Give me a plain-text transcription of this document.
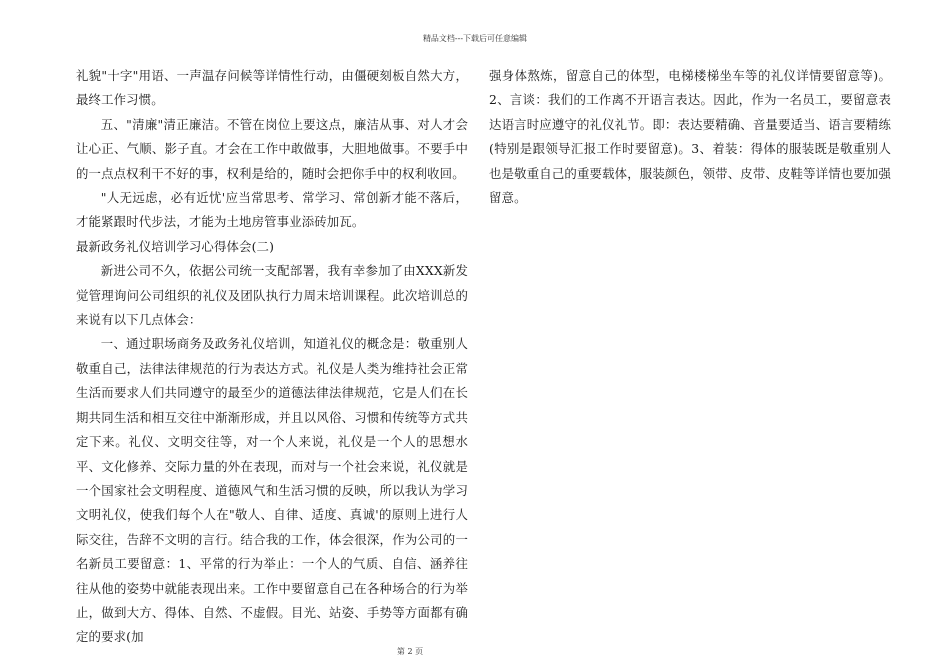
精品文档---下载后可任意编辑

礼貌"十字"用语、一声温存问候等详情性行动，由僵硬刻板自然大方，最终工作习惯。

五、"清廉"清正廉洁。不管在岗位上要这点，廉洁从事、对人才会让心正、气顺、影子直。才会在工作中敢做事，大胆地做事。不要手中的一点点权利干不好的事，权利是给的，随时会把你手中的权利收回。

"人无远虑，必有近忧'应当常思考、常学习、常创新才能不落后，才能紧跟时代步法，才能为土地房管事业添砖加瓦。

最新政务礼仪培训学习心得体会(二)

新进公司不久，依据公司统一支配部署，我有幸参加了由XXX新发觉管理询问公司组织的礼仪及团队执行力周末培训课程。此次培训总的来说有以下几点体会：

一、通过职场商务及政务礼仪培训，知道礼仪的概念是：敬重别人敬重自己，法律法律规范的行为表达方式。礼仪是人类为维持社会正常生活而要求人们共同遵守的最至少的道德法律法律规范，它是人们在长期共同生活和相互交往中渐渐形成，并且以风俗、习惯和传统等方式共定下来。礼仪、文明交往等，对一个人来说，礼仪是一个人的思想水平、文化修养、交际力量的外在表现，而对与一个社会来说，礼仪就是一个国家社会文明程度、道德风气和生活习惯的反映，所以我认为学习文明礼仪，使我们每个人在"敬人、自律、适度、真诚'的原则上进行人际交往，告辞不文明的言行。结合我的工作，体会很深，作为公司的一名新员工要留意：1、平常的行为举止：一个人的气质、自信、涵养往往从他的姿势中就能表现出来。工作中要留意自己在各种场合的行为举止，做到大方、得体、自然、不虚假。目光、站姿、手势等方面都有确定的要求(加

强身体熬炼，留意自己的体型，电梯楼梯坐车等的礼仪详情要留意等)。2、言谈：我们的工作离不开语言表达。因此，作为一名员工，要留意表达语言时应遵守的礼仪礼节。即：表达要精确、音量要适当、语言要精练(特别是跟领导汇报工作时要留意)。3、着装：得体的服装既是敬重别人也是敬重自己的重要载体，服装颜色，领带、皮带、皮鞋等详情也要加强留意。

第 2 页
